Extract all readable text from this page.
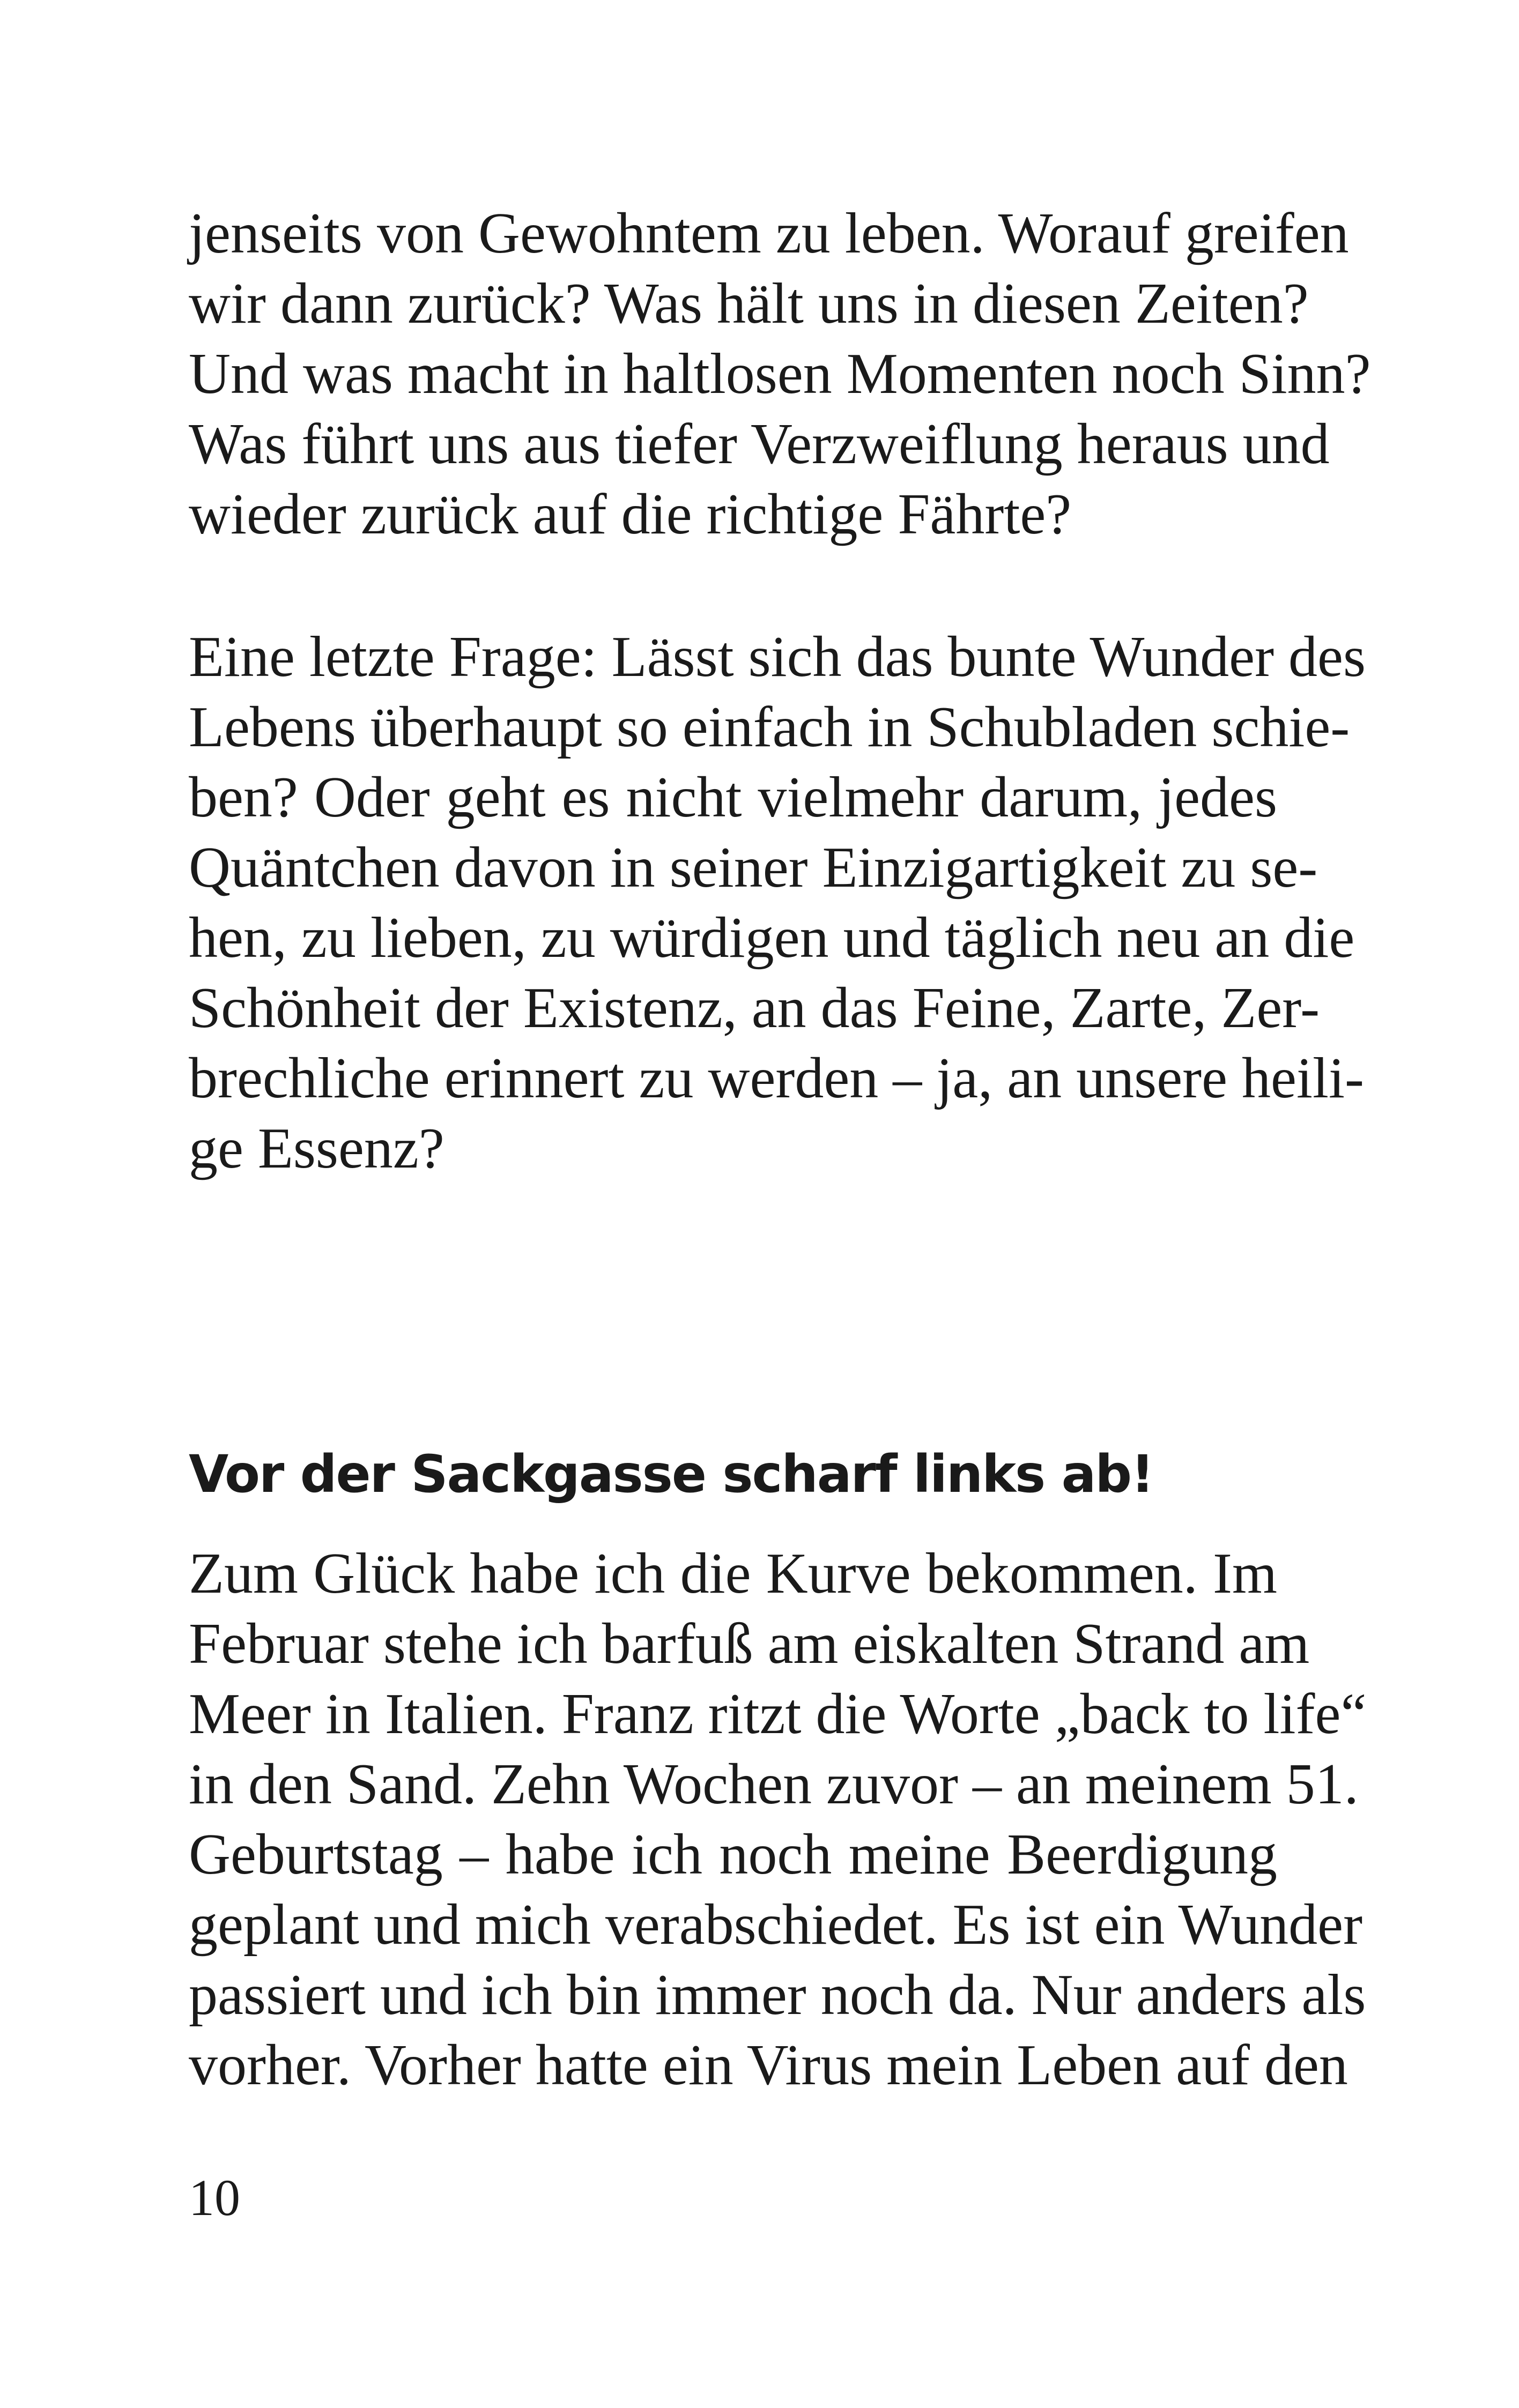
jenseits von Gewohntem zu leben. Worauf greifen
wir dann zurück? Was hält uns in diesen Zeiten?
Und was macht in haltlosen Momenten noch Sinn?
Was führt uns aus tiefer Verzweiflung heraus und
wieder zurück auf die richtige Fährte?
Eine letzte Frage: Lässt sich das bunte Wunder des
Lebens überhaupt so einfach in Schubladen schie-
ben? Oder geht es nicht vielmehr darum, jedes
Quäntchen davon in seiner Einzigartigkeit zu se-
hen, zu lieben, zu würdigen und täglich neu an die
Schönheit der Existenz, an das Feine, Zarte, Zer-
brechliche erinnert zu werden – ja, an unsere heili-
ge Essenz?
Vor der Sackgasse scharf links ab!
Zum Glück habe ich die Kurve bekommen. Im
Februar stehe ich barfuß am eiskalten Strand am
Meer in Italien. Franz ritzt die Worte „back to life“
in den Sand. Zehn Wochen zuvor – an meinem 51.
Geburtstag – habe ich noch meine Beerdigung
geplant und mich verabschiedet. Es ist ein Wunder
passiert und ich bin immer noch da. Nur anders als
vorher. Vorher hatte ein Virus mein Leben auf den
10
